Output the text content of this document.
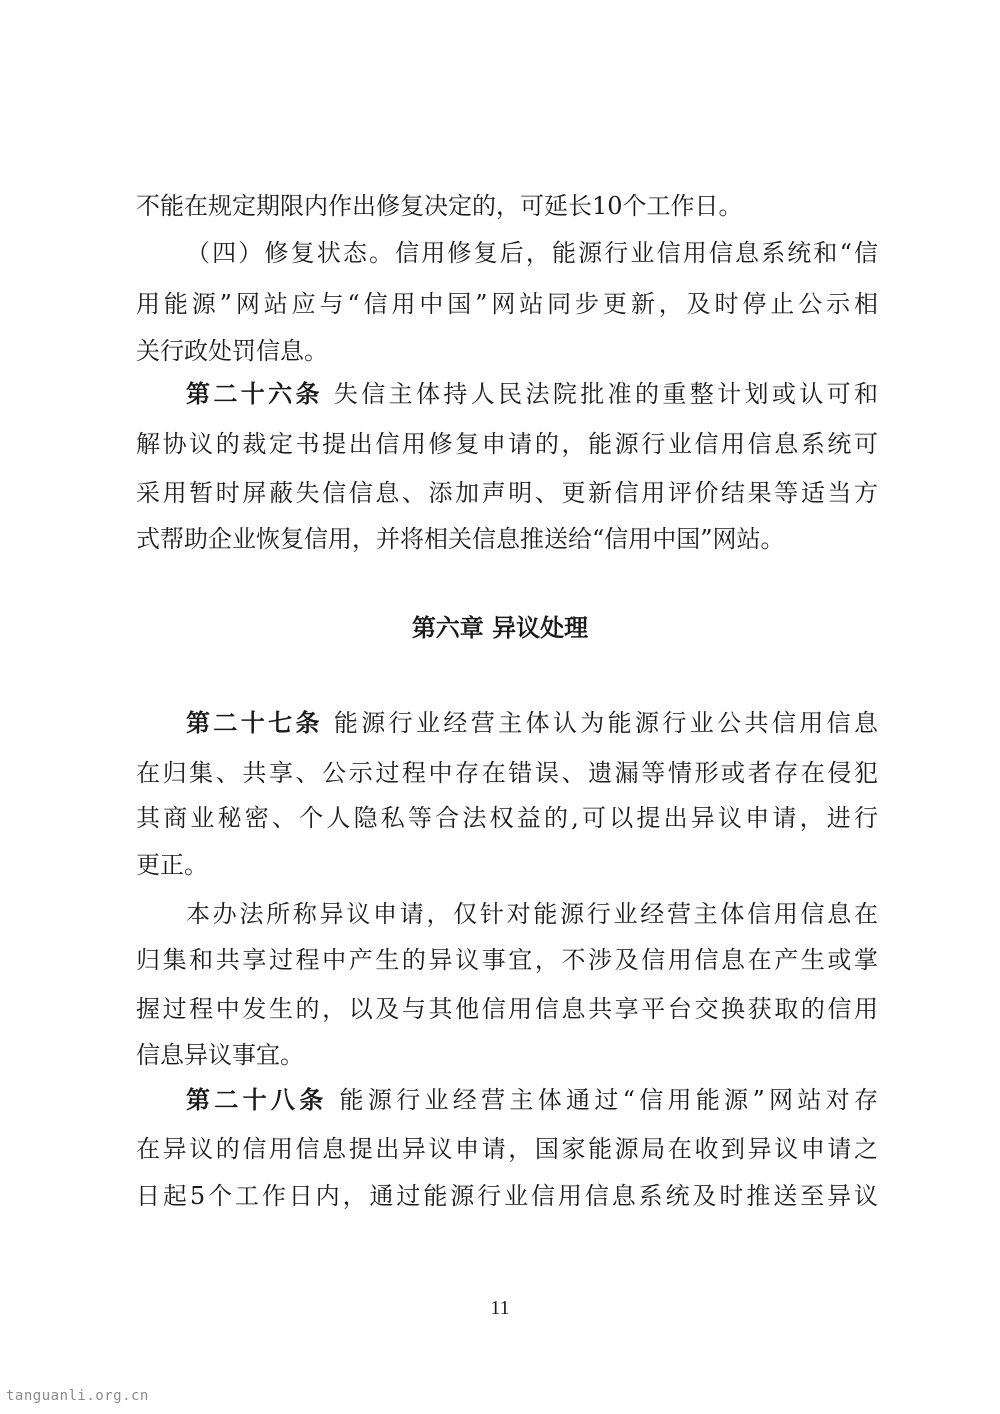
不能在规定期限内作出修复决定的，可延长10个工作日。
（四）修复状态。信用修复后，能源行业信用信息系统和“信
用能源”网站应与“信用中国”网站同步更新，及时停止公示相
关行政处罚信息。
第二十六条 失信主体持人民法院批准的重整计划或认可和
解协议的裁定书提出信用修复申请的，能源行业信用信息系统可
采用暂时屏蔽失信信息、添加声明、更新信用评价结果等适当方
式帮助企业恢复信用，并将相关信息推送给“信用中国”网站。
第六章 异议处理
第二十七条 能源行业经营主体认为能源行业公共信用信息
在归集、共享、公示过程中存在错误、遗漏等情形或者存在侵犯
其商业秘密、个人隐私等合法权益的,可以提出异议申请，进行
更正。
本办法所称异议申请，仅针对能源行业经营主体信用信息在
归集和共享过程中产生的异议事宜，不涉及信用信息在产生或掌
握过程中发生的，以及与其他信用信息共享平台交换获取的信用
信息异议事宜。
第二十八条 能源行业经营主体通过“信用能源”网站对存
在异议的信用信息提出异议申请，国家能源局在收到异议申请之
日起5个工作日内，通过能源行业信用信息系统及时推送至异议
11
tanguanli.org.cn
